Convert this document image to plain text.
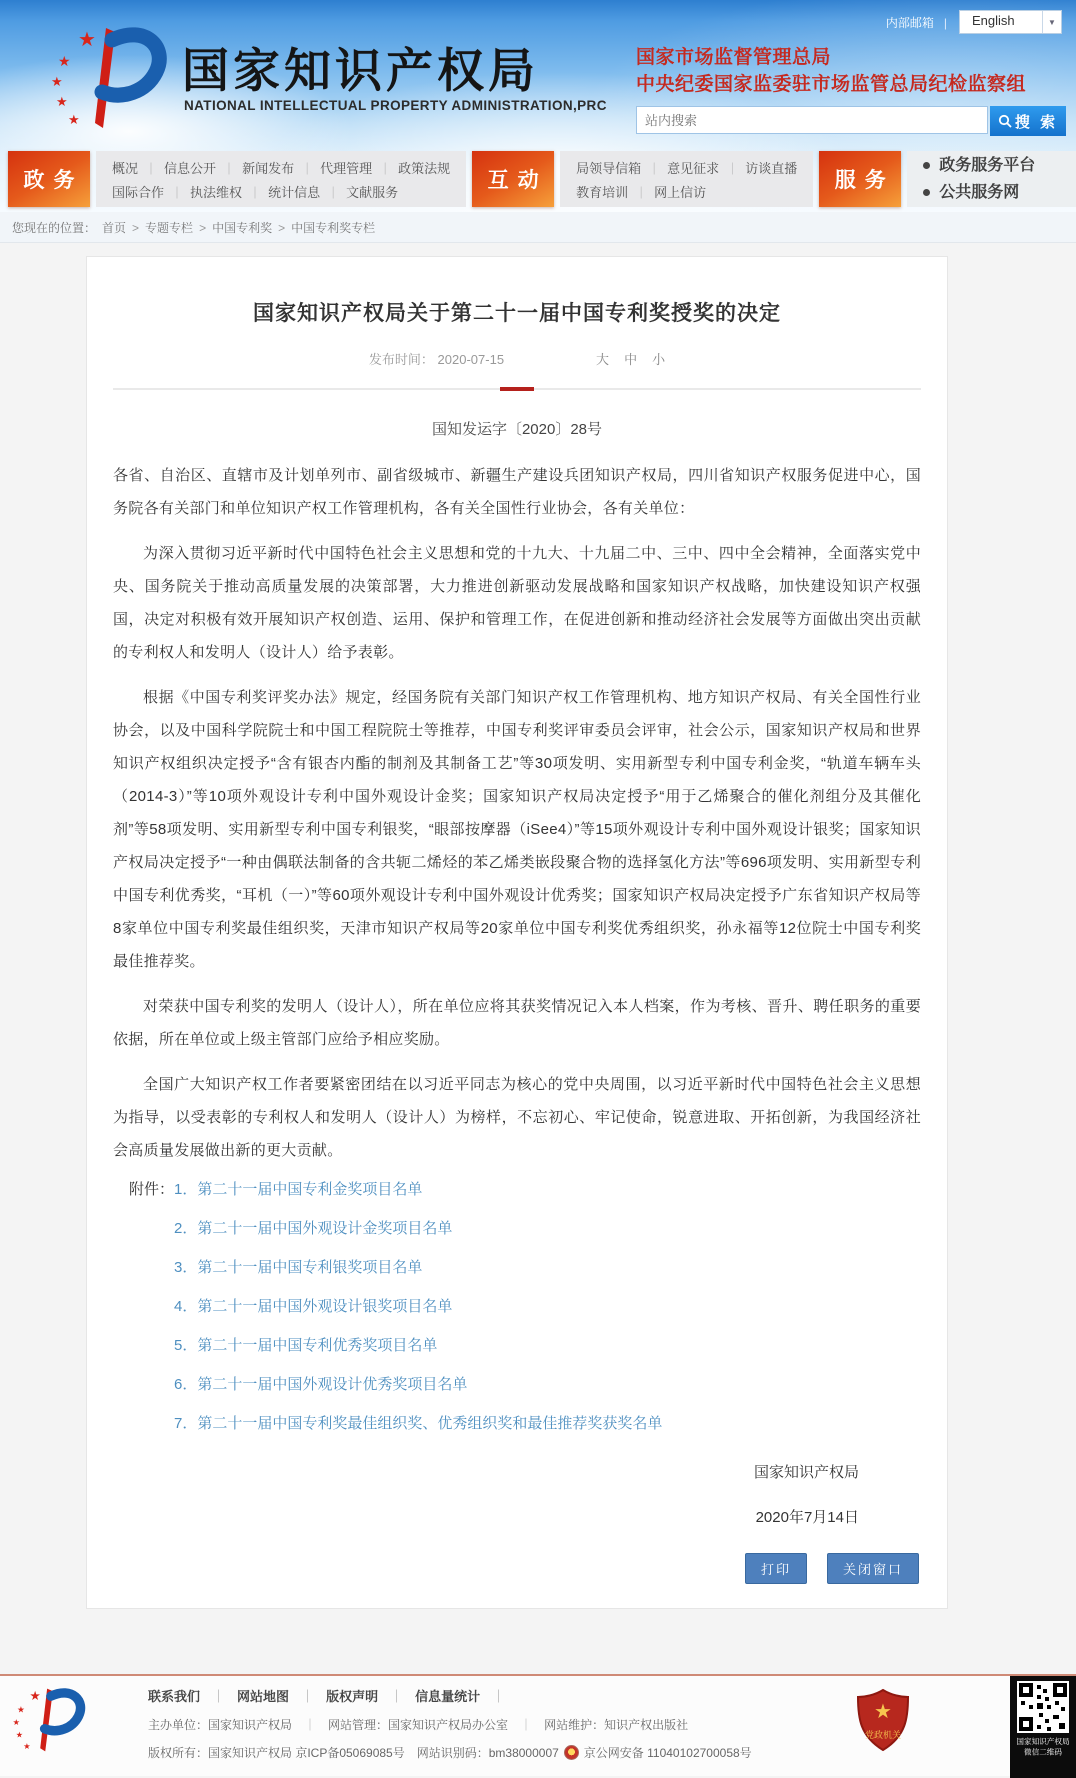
内部邮箱 |	English	▼
★
★
★
★
★
国家知识产权局
NATIONAL INTELLECTUAL PROPERTY ADMINISTRATION,PRC
国家市场监督管理总局
中央纪委国家监委驻市场监管总局纪检监察组
站内搜索
搜 索
政务
概况 ｜	信息公开 ｜	新闻发布 ｜	代理管理 ｜	政策法规
国际合作 ｜	执法维权 ｜	统计信息 ｜	文献服务	互动
局领导信箱 ｜	意见征求 ｜	访谈直播
教育培训 ｜	网上信访	服务
政务服务平台
公共服务网
您现在的位置： 首页 >	专题专栏 >	中国专利奖 >	中国专利奖专栏
国家知识产权局关于第二十一届中国专利奖授奖的决定
发布时间： 2020-07-15	大 中 小
国知发运字〔2020〕28号

各省、自治区、直辖市及计划单列市、副省级城市、新疆生产建设兵团知识产权局，四川省知识产权服务促进中心，国务院各有关部门和单位知识产权工作管理机构，各有关全国性行业协会，各有关单位：

为深入贯彻习近平新时代中国特色社会主义思想和党的十九大、十九届二中、三中、四中全会精神，全面落实党中央、国务院关于推动高质量发展的决策部署，大力推进创新驱动发展战略和国家知识产权战略，加快建设知识产权强国，决定对积极有效开展知识产权创造、运用、保护和管理工作，在促进创新和推动经济社会发展等方面做出突出贡献的专利权人和发明人（设计人）给予表彰。

根据《中国专利奖评奖办法》规定，经国务院有关部门知识产权工作管理机构、地方知识产权局、有关全国性行业协会，以及中国科学院院士和中国工程院院士等推荐，中国专利奖评审委员会评审，社会公示，国家知识产权局和世界知识产权组织决定授予“含有银杏内酯的制剂及其制备工艺”等30项发明、实用新型专利中国专利金奖，“轨道车辆车头（2014-3）”等10项外观设计专利中国外观设计金奖；国家知识产权局决定授予“用于乙烯聚合的催化剂组分及其催化剂”等58项发明、实用新型专利中国专利银奖，“眼部按摩器（iSee4）”等15项外观设计专利中国外观设计银奖；国家知识产权局决定授予“一种由偶联法制备的含共轭二烯烃的苯乙烯类嵌段聚合物的选择氢化方法”等696项发明、实用新型专利中国专利优秀奖，“耳机（一）”等60项外观设计专利中国外观设计优秀奖；国家知识产权局决定授予广东省知识产权局等8家单位中国专利奖最佳组织奖，天津市知识产权局等20家单位中国专利奖优秀组织奖，孙永福等12位院士中国专利奖最佳推荐奖。

对荣获中国专利奖的发明人（设计人），所在单位应将其获奖情况记入本人档案，作为考核、晋升、聘任职务的重要依据，所在单位或上级主管部门应给予相应奖励。

全国广大知识产权工作者要紧密团结在以习近平同志为核心的党中央周围，以习近平新时代中国特色社会主义思想为指导，以受表彰的专利权人和发明人（设计人）为榜样，不忘初心、牢记使命，锐意进取、开拓创新，为我国经济社会高质量发展做出新的更大贡献。

附件： 1．第二十一届中国专利金奖项目名单
2．第二十一届中国外观设计金奖项目名单
3．第二十一届中国专利银奖项目名单
4．第二十一届中国外观设计银奖项目名单
5．第二十一届中国专利优秀奖项目名单
6．第二十一届中国外观设计优秀奖项目名单
7．第二十一届中国专利奖最佳组织奖、优秀组织奖和最佳推荐奖获奖名单
国家知识产权局
2020年7月14日
打印	关闭窗口
★
★
★
★
★
联系我们 ｜	网站地图 ｜	版权声明 ｜	信息量统计 ｜
主办单位：国家知识产权局 ｜	网站管理：国家知识产权局办公室 ｜	网站维护：知识产权出版社
版权所有：国家知识产权局 京ICP备05069085号　网站识别码：bm38000007 京公网安备 11040102700058号
★
党政机关
国家知识产权局
微信二维码
